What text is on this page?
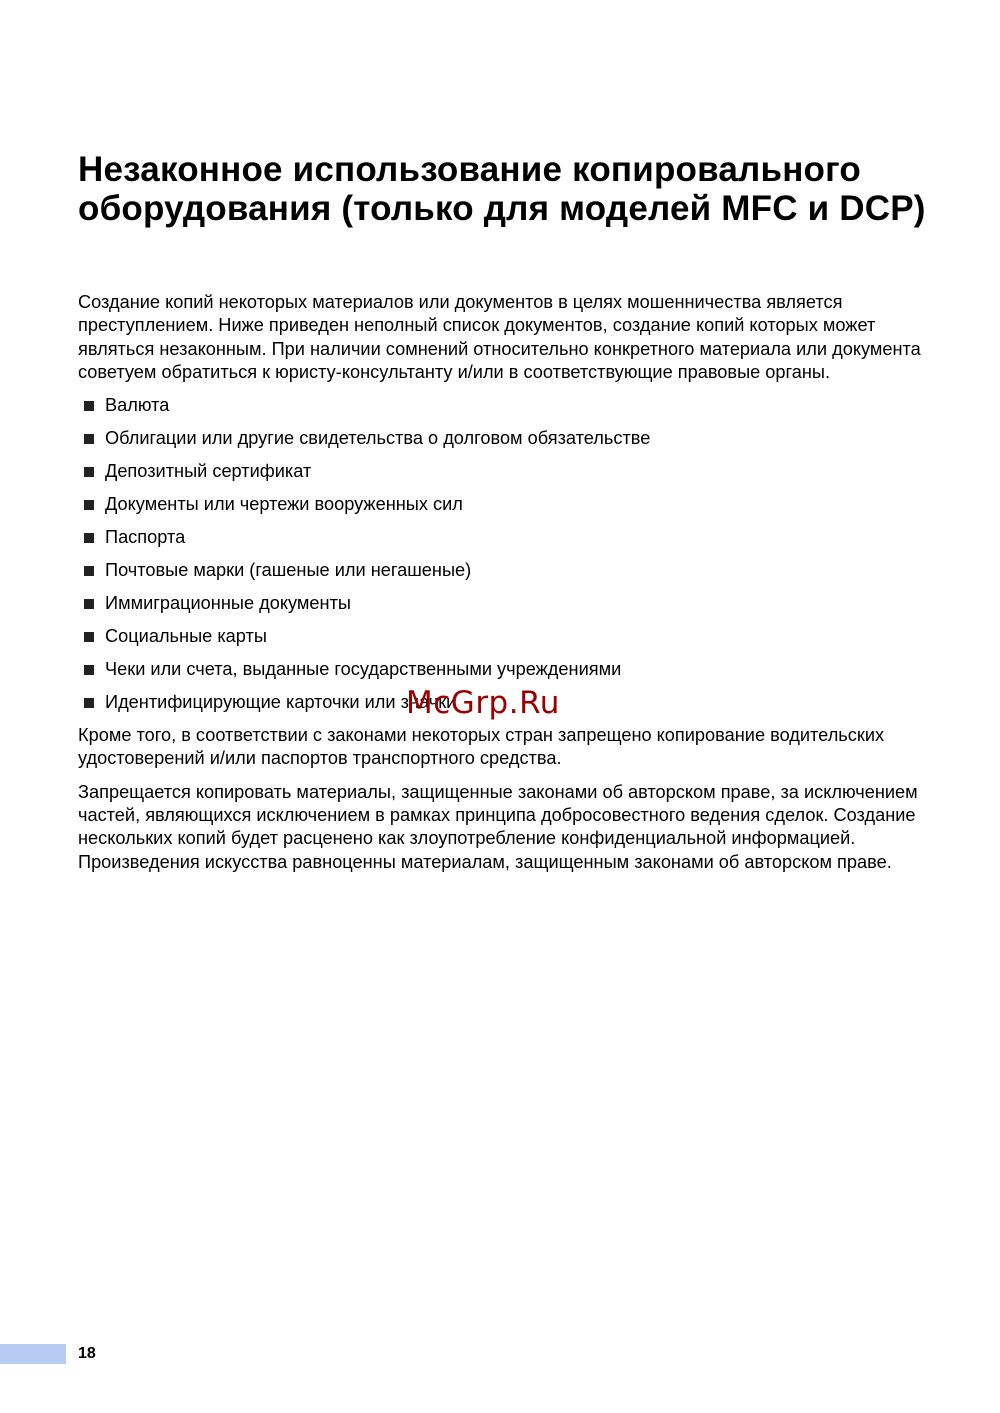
Незаконное использование копировального оборудования (только для моделей MFC и DCP)

Создание копий некоторых материалов или документов в целях мошенничества является преступлением. Ниже приведен неполный список документов, создание копий которых может являться незаконным. При наличии сомнений относительно конкретного материала или документа советуем обратиться к юристу-консультанту и/или в соответствующие правовые органы.

Валюта
Облигации или другие свидетельства о долговом обязательстве
Депозитный сертификат
Документы или чертежи вооруженных сил
Паспорта
Почтовые марки (гашеные или негашеные)
Иммиграционные документы
Социальные карты
Чеки или счета, выданные государственными учреждениями
Идентифицирующие карточки или значки

Кроме того, в соответствии с законами некоторых стран запрещено копирование водительских удостоверений и/или паспортов транспортного средства.

Запрещается копировать материалы, защищенные законами об авторском праве, за исключением частей, являющихся исключением в рамках принципа добросовестного ведения сделок. Создание нескольких копий будет расценено как злоупотребление конфиденциальной информацией. Произведения искусства равноценны материалам, защищенным законами об авторском праве.

McGrp.Ru
18
